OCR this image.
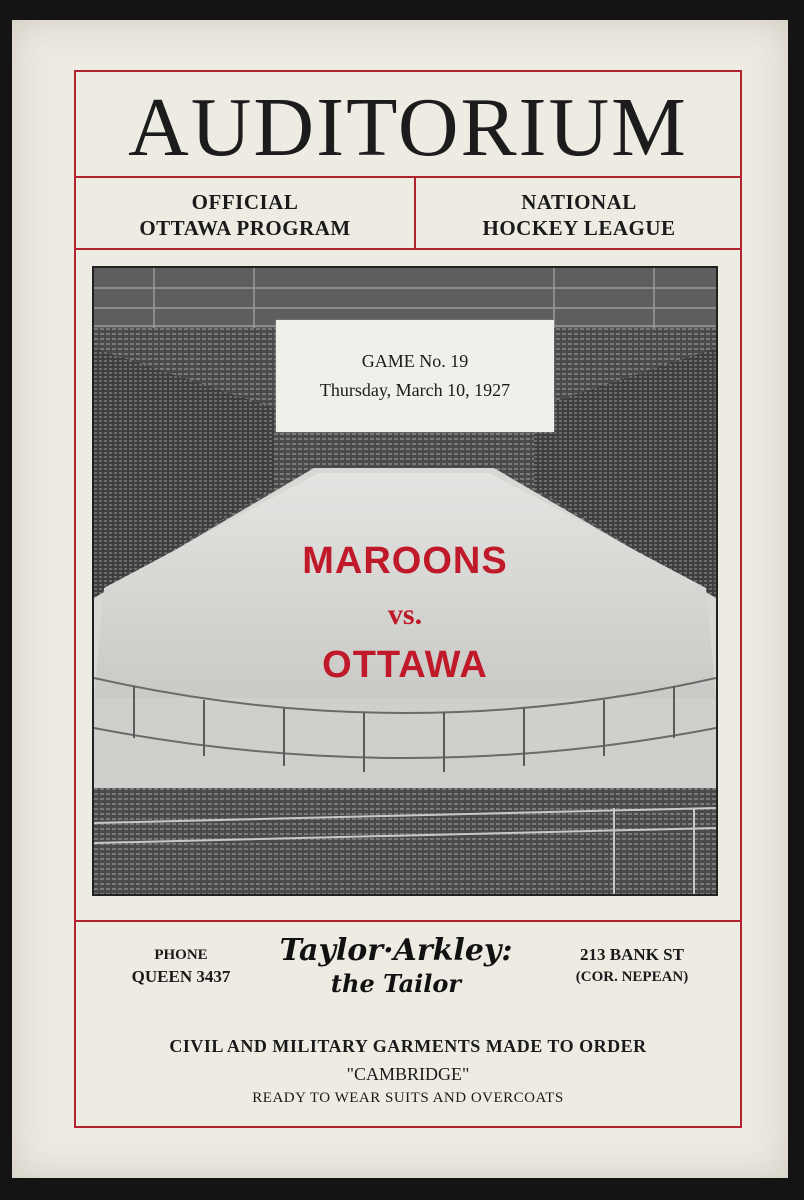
AUDITORIUM
OFFICIAL
OTTAWA PROGRAM
NATIONAL
HOCKEY LEAGUE
GAME No. 19
Thursday, March 10, 1927
MAROONS
vs.
OTTAWA
PHONE
QUEEN 3437
Taylor·Arkley:
the Tailor
213 BANK ST
(COR. NEPEAN)
CIVIL AND MILITARY GARMENTS MADE TO ORDER
"CAMBRIDGE"
READY TO WEAR SUITS AND OVERCOATS
